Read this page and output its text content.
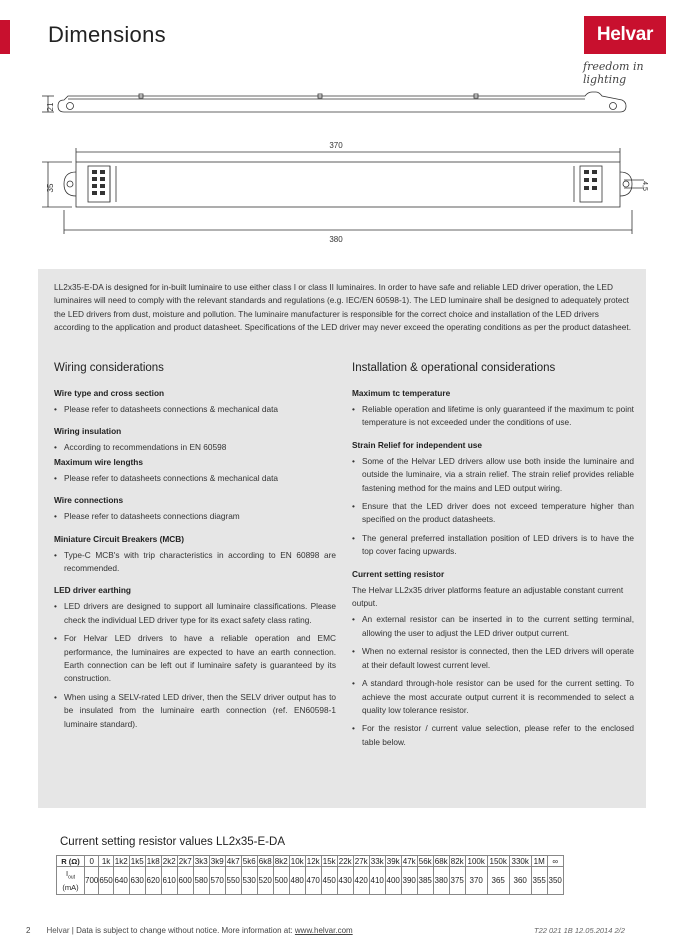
Dimensions	Helvar
freedom in lighting
21
370
35
380
4,5

LL2x35-E-DA is designed for in-built luminaire to use either class I or class II luminaires. In order to have safe and reliable LED driver operation, the LED luminaires will need to comply with the relevant standards and regulations (e.g. IEC/EN 60598-1). The LED luminaire shall be designed to adequately protect the LED drivers from dust, moisture and pollution. The luminaire manufacturer is responsible for the correct choice and installation of the LED drivers according to the application and product datasheet. Specifications of the LED driver may never exceed the operating conditions as per the product datasheet.

Wiring considerations
Wire type and cross section
• Please refer to datasheets connections & mechanical data
Wiring insulation
• According to recommendations in EN 60598
Maximum wire lengths
• Please refer to datasheets connections & mechanical data
Wire connections
• Please refer to datasheets connections diagram
Miniature Circuit Breakers (MCB)
• Type-C MCB's with trip characteristics in according to EN 60898 are recommended.
LED driver earthing
• LED drivers are designed to support all luminaire classifications. Please check the individual LED driver type for its exact safety class rating.
• For Helvar LED drivers to have a reliable operation and EMC performance, the luminaires are expected to have an earth connection. Earth connection can be left out if luminaire safety is guaranteed by its construction.
• When using a SELV-rated LED driver, then the SELV driver output has to be insulated from the luminaire earth connection (ref. EN60598-1 luminaire standard).
Installation & operational considerations
Maximum tc temperature
• Reliable operation and lifetime is only guaranteed if the maximum tc point temperature is not exceeded under the conditions of use.
Strain Relief for independent use
• Some of the Helvar LED drivers allow use both inside the luminaire and outside the luminaire, via a strain relief. The strain relief provides reliable fastening method for the mains and LED output wiring.
• Ensure that the LED driver does not exceed temperature higher than specified on the product datasheets.
• The general preferred installation position of LED drivers is to have the top cover facing upwards.
Current setting resistor

The Helvar LL2x35 driver platforms feature an adjustable constant current output.

• An external resistor can be inserted in to the current setting terminal, allowing the user to adjust the LED driver output current.
• When no external resistor is connected, then the LED drivers will operate at their default lowest current level.
• A standard through-hole resistor can be used for the current setting. To achieve the most accurate output current it is recommended to select a quality low tolerance resistor.
• For the resistor / current value selection, please refer to the enclosed table below.
Current setting resistor values LL2x35-E-DA
R (Ω)	0	1k	1k2	1k5	1k8	2k2	2k7	3k3	3k9	4k7	5k6	6k8	8k2	10k	12k	15k	22k	27k	33k	39k	47k	56k	68k	82k	100k	150k	330k	1M	∞
$I_{out}$
(mA)	700	650	640	630	620	610	600	580	570	550	530	520	500	480	470	450	430	420	410	400	390	385	380	375	370	365	360	355	350
2 Helvar | Data is subject to change without notice. More information at: www.helvar.com	T22 021 1B 12.05.2014 2/2
